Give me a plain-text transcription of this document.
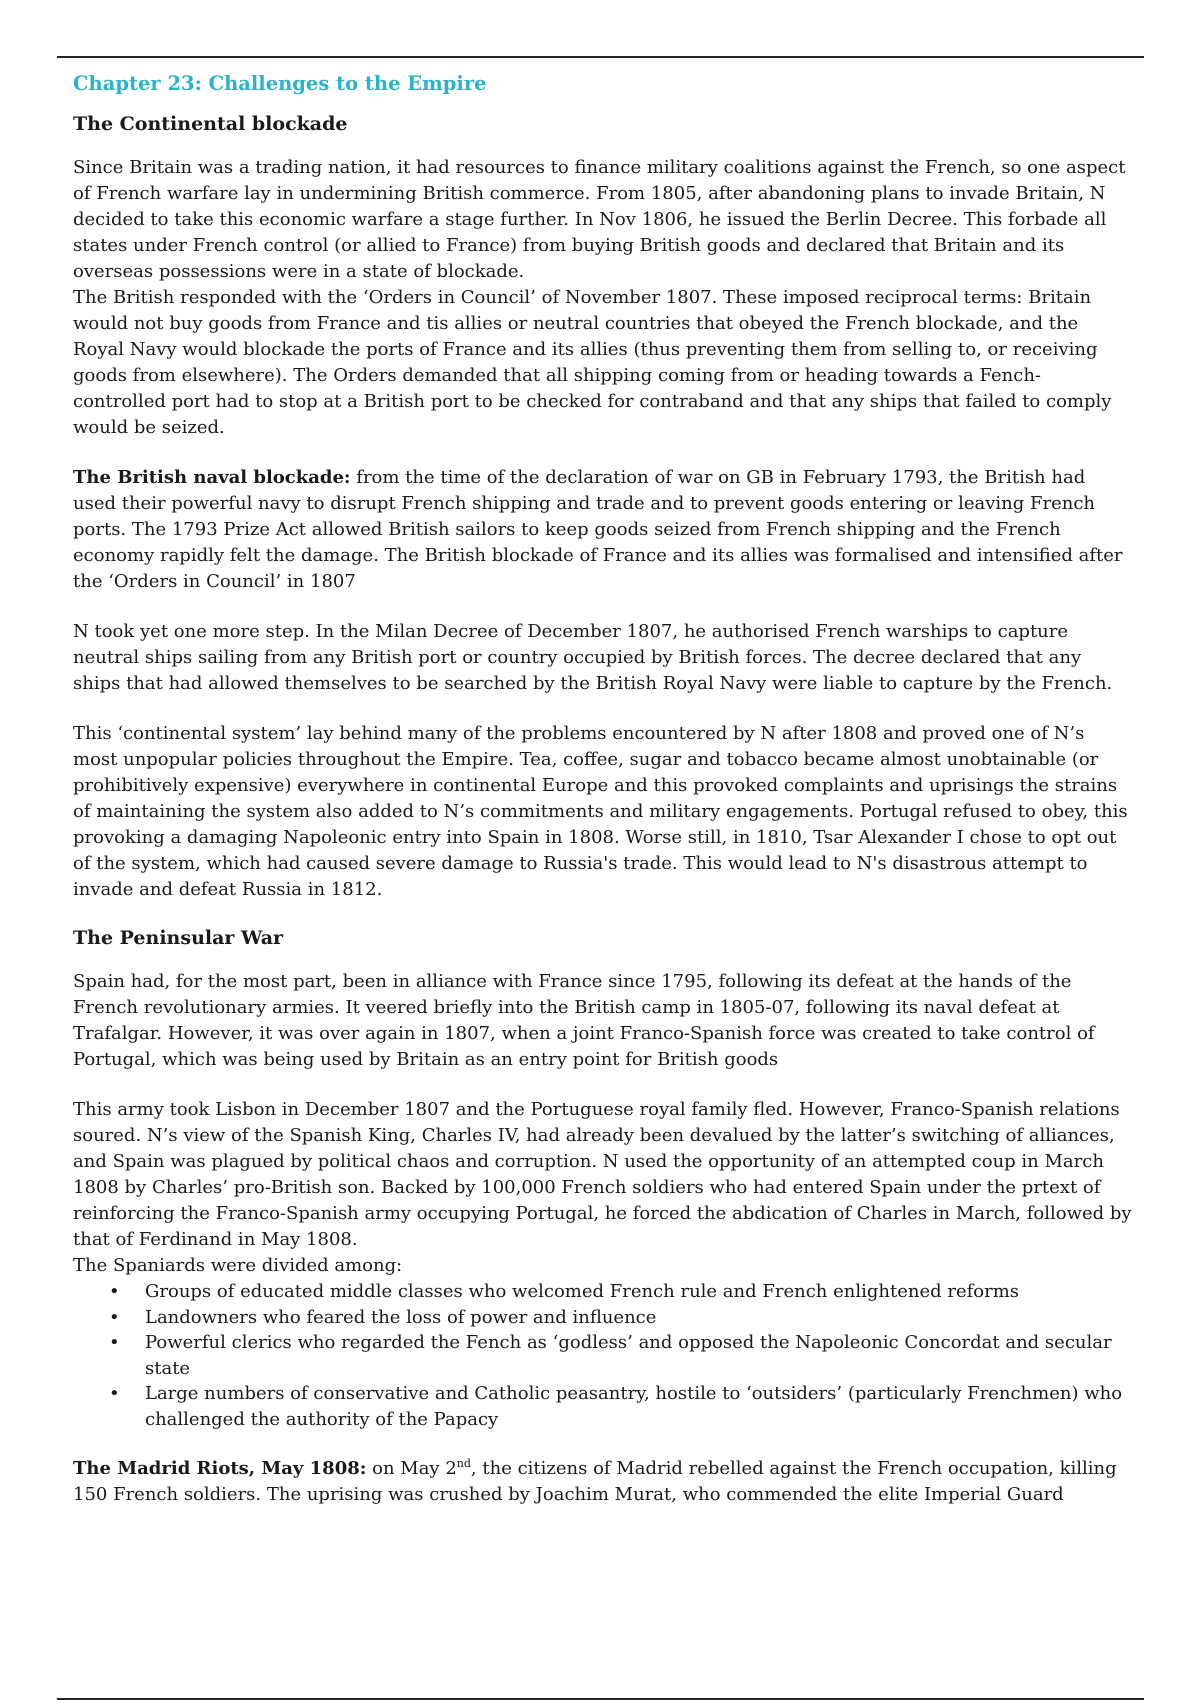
Chapter 23: Challenges to the Empire
The Continental blockade

Since Britain was a trading nation, it had resources to finance military coalitions against the French, so one aspect of French warfare lay in undermining British commerce. From 1805, after abandoning plans to invade Britain, N decided to take this economic warfare a stage further. In Nov 1806, he issued the Berlin Decree. This forbade all states under French control (or allied to France) from buying British goods and declared that Britain and its overseas possessions were in a state of blockade.

The British responded with the ‘Orders in Council’ of November 1807. These imposed reciprocal terms: Britain would not buy goods from France and tis allies or neutral countries that obeyed the French blockade, and the Royal Navy would blockade the ports of France and its allies (thus preventing them from selling to, or receiving goods from elsewhere). The Orders demanded that all shipping coming from or heading towards a Fench-controlled port had to stop at a British port to be checked for contraband and that any ships that failed to comply would be seized.

The British naval blockade: from the time of the declaration of war on GB in February 1793, the British had used their powerful navy to disrupt French shipping and trade and to prevent goods entering or leaving French ports. The 1793 Prize Act allowed British sailors to keep goods seized from French shipping and the French economy rapidly felt the damage. The British blockade of France and its allies was formalised and intensified after the ‘Orders in Council’ in 1807

N took yet one more step. In the Milan Decree of December 1807, he authorised French warships to capture neutral ships sailing from any British port or country occupied by British forces. The decree declared that any ships that had allowed themselves to be searched by the British Royal Navy were liable to capture by the French.

This ‘continental system’ lay behind many of the problems encountered by N after 1808 and proved one of N’s most unpopular policies throughout the Empire. Tea, coffee, sugar and tobacco became almost unobtainable (or prohibitively expensive) everywhere in continental Europe and this provoked complaints and uprisings the strains of maintaining the system also added to N’s commitments and military engagements. Portugal refused to obey, this provoking a damaging Napoleonic entry into Spain in 1808. Worse still, in 1810, Tsar Alexander I chose to opt out of the system, which had caused severe damage to Russia's trade. This would lead to N's disastrous attempt to invade and defeat Russia in 1812.

The Peninsular War

Spain had, for the most part, been in alliance with France since 1795, following its defeat at the hands of the French revolutionary armies. It veered briefly into the British camp in 1805-07, following its naval defeat at Trafalgar. However, it was over again in 1807, when a joint Franco-Spanish force was created to take control of Portugal, which was being used by Britain as an entry point for British goods

This army took Lisbon in December 1807 and the Portuguese royal family fled. However, Franco-Spanish relations soured. N’s view of the Spanish King, Charles IV, had already been devalued by the latter’s switching of alliances, and Spain was plagued by political chaos and corruption. N used the opportunity of an attempted coup in March 1808 by Charles’ pro-British son. Backed by 100,000 French soldiers who had entered Spain under the prtext of reinforcing the Franco-Spanish army occupying Portugal, he forced the abdication of Charles in March, followed by that of Ferdinand in May 1808.

The Spaniards were divided among:

• Groups of educated middle classes who welcomed French rule and French enlightened reforms
• Landowners who feared the loss of power and influence
• Powerful clerics who regarded the Fench as ‘godless’ and opposed the Napoleonic Concordat and secular state
• Large numbers of conservative and Catholic peasantry, hostile to ‘outsiders’ (particularly Frenchmen) who challenged the authority of the Papacy

The Madrid Riots, May 1808: on May 2nd, the citizens of Madrid rebelled against the French occupation, killing 150 French soldiers. The uprising was crushed by Joachim Murat, who commended the elite Imperial Guard
